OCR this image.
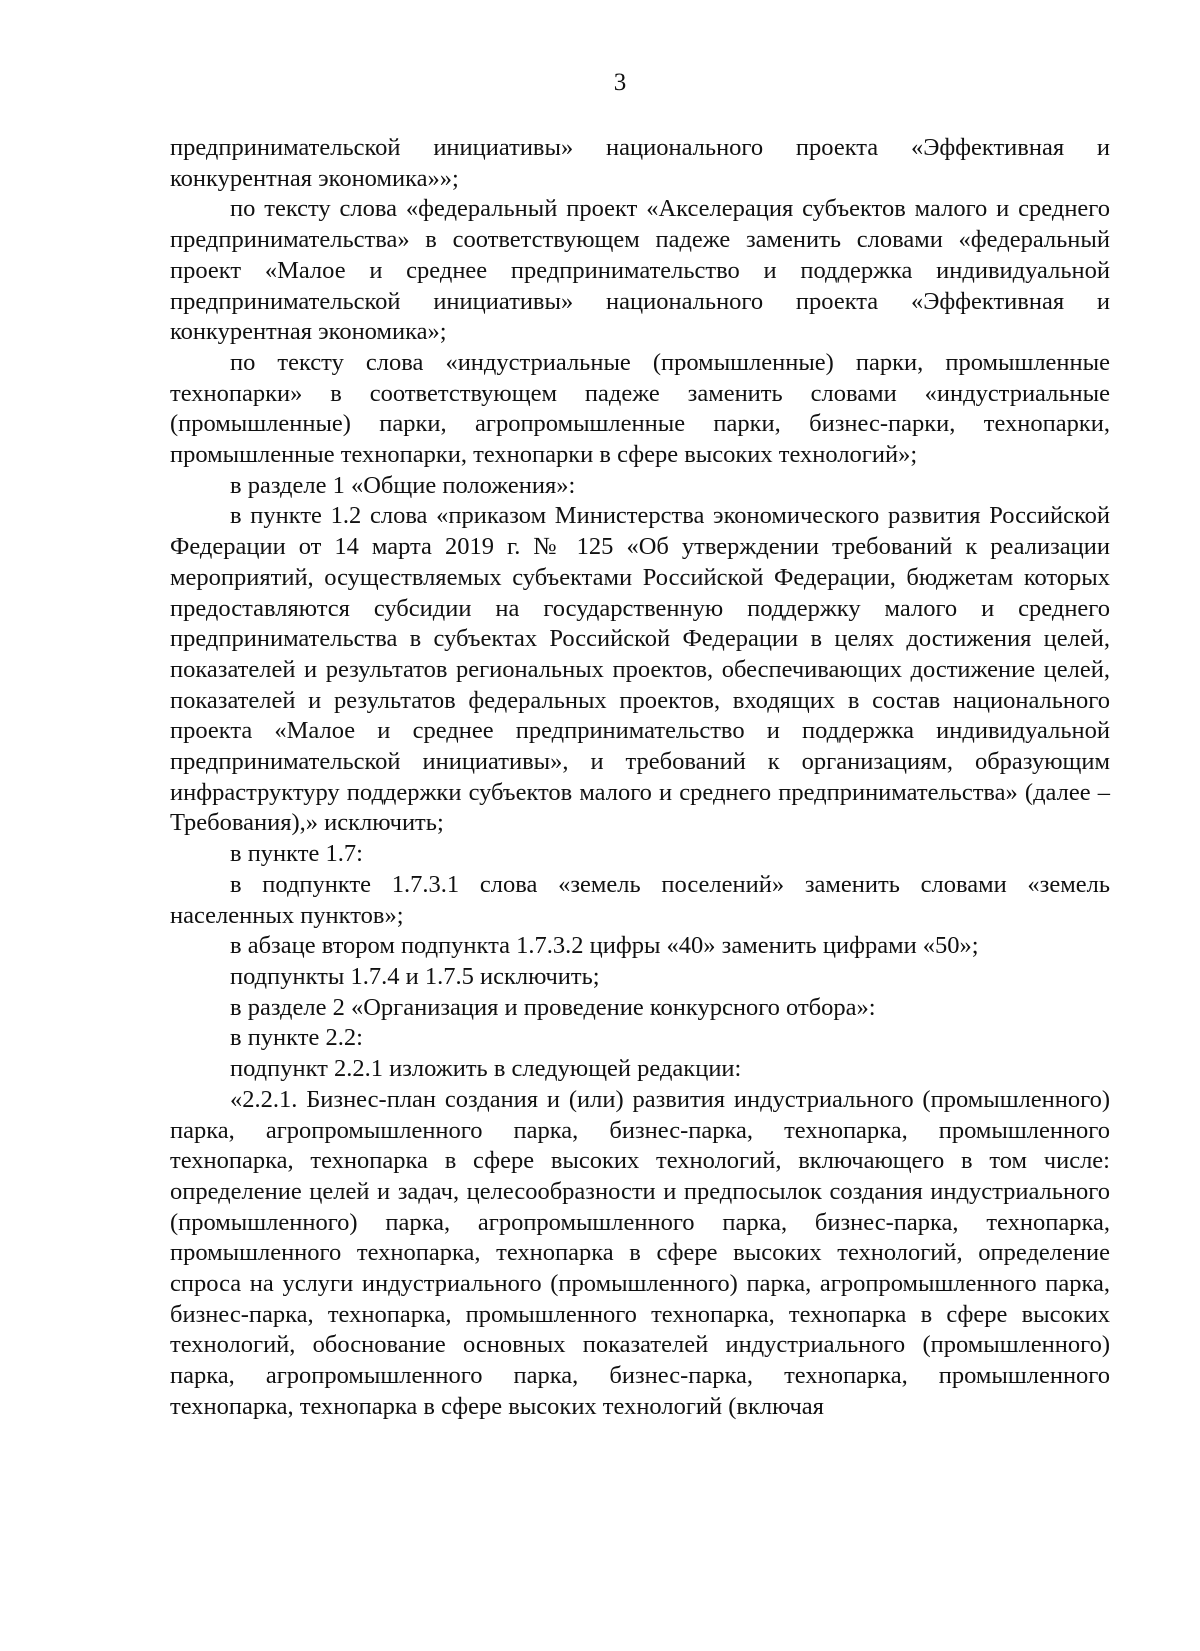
3

предпринимательской инициативы» национального проекта «Эффективная и конкурентная экономика»»;

по тексту слова «федеральный проект «Акселерация субъектов малого и среднего предпринимательства» в соответствующем падеже заменить словами «федеральный проект «Малое и среднее предпринимательство и поддержка индивидуальной предпринимательской инициативы» национального проекта «Эффективная и конкурентная экономика»;

по тексту слова «индустриальные (промышленные) парки, промышленные технопарки» в соответствующем падеже заменить словами «индустриальные (промышленные) парки, агропромышленные парки, бизнес-парки, технопарки, промышленные технопарки, технопарки в сфере высоких технологий»;

в разделе 1 «Общие положения»:

в пункте 1.2 слова «приказом Министерства экономического развития Российской Федерации от 14 марта 2019 г. № 125 «Об утверждении требований к реализации мероприятий, осуществляемых субъектами Российской Федерации, бюджетам которых предоставляются субсидии на государственную поддержку малого и среднего предпринимательства в субъектах Российской Федерации в целях достижения целей, показателей и результатов региональных проектов, обеспечивающих достижение целей, показателей и результатов федеральных проектов, входящих в состав национального проекта «Малое и среднее предпринимательство и поддержка индивидуальной предпринимательской инициативы», и требований к организациям, образующим инфраструктуру поддержки субъектов малого и среднего предпринимательства» (далее – Требования),» исключить;

в пункте 1.7:

в подпункте 1.7.3.1 слова «земель поселений» заменить словами «земель населенных пунктов»;

в абзаце втором подпункта 1.7.3.2 цифры «40» заменить цифрами «50»;

подпункты 1.7.4 и 1.7.5 исключить;

в разделе 2 «Организация и проведение конкурсного отбора»:

в пункте 2.2:

подпункт 2.2.1 изложить в следующей редакции:

«2.2.1. Бизнес-план создания и (или) развития индустриального (промышленного) парка, агропромышленного парка, бизнес-парка, технопарка, промышленного технопарка, технопарка в сфере высоких технологий, включающего в том числе: определение целей и задач, целесообразности и предпосылок создания индустриального (промышленного) парка, агропромышленного парка, бизнес-парка, технопарка, промышленного технопарка, технопарка в сфере высоких технологий, определение спроса на услуги индустриального (промышленного) парка, агропромышленного парка, бизнес-парка, технопарка, промышленного технопарка, технопарка в сфере высоких технологий, обоснование основных показателей индустриального (промышленного) парка, агропромышленного парка, бизнес-парка, технопарка, промышленного технопарка, технопарка в сфере высоких технологий (включая
